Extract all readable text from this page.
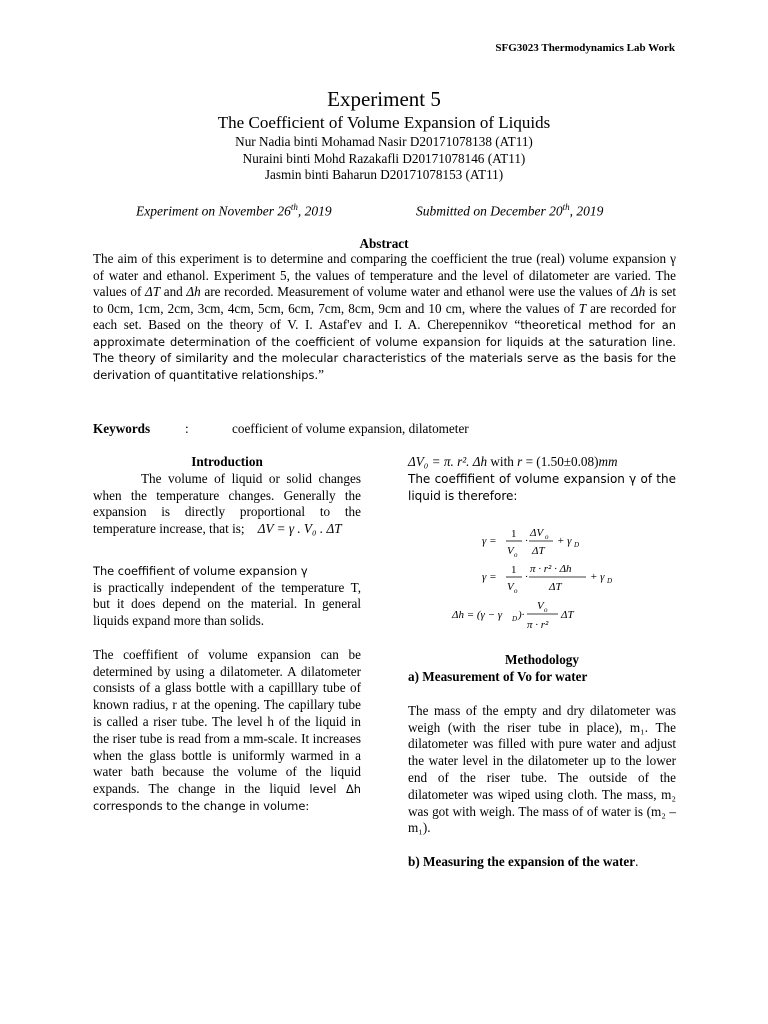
SFG3023 Thermodynamics Lab Work
Experiment 5
The Coefficient of Volume Expansion of Liquids
Nur Nadia binti Mohamad Nasir D20171078138 (AT11)
Nuraini binti Mohd Razakafli D20171078146 (AT11)
Jasmin binti Baharun D20171078153 (AT11)
Experiment on November 26th, 2019	Submitted on December 20th, 2019
Abstract
The aim of this experiment is to determine and comparing the coefficient the true (real) volume expansion γ of water and ethanol. Experiment 5, the values of temperature and the level of dilatometer are varied. The values of ΔT and Δh are recorded. Measurement of volume water and ethanol were use the values of Δh is set to 0cm, 1cm, 2cm, 3cm, 4cm, 5cm, 6cm, 7cm, 8cm, 9cm and 10 cm, where the values of T are recorded for each set. Based on the theory of V. I. Astaf'ev and I. A. Cherepennikov “theoretical method for an approximate determination of the coefficient of volume expansion for liquids at the saturation line. The theory of similarity and the molecular characteristics of the materials serve as the basis for the derivation of quantitative relationships.”
Keywords	:	coefficient of volume expansion, dilatometer
Introduction

The volume of liquid or solid changes when the temperature changes. Generally the expansion is directly proportional to the temperature increase, that is; ΔV = γ . V₀ . ΔT

The coeffifient of volume expansion γ
is practically independent of the temperature T, but it does depend on the material. In general liquids expand more than solids.

The coeffifient of volume expansion can be determined by using a dilatometer. A dilatometer consists of a glass bottle with a capilllary tube of known radius, r at the opening. The capillary tube is called a riser tube. The level h of the liquid in the riser tube is read from a mm-scale. It increases when the glass bottle is uniformly warmed in a water bath because the volume of the liquid expands. The change in the liquid level Δh corresponds to the change in volume:

ΔV₀ = π. r². Δh with r = (1.50±0.08)mm

The coeffifient of volume expansion γ of the liquid is therefore:

γ =
1
V o
·
ΔV o
ΔT
+ γ D
γ =
1
V o
·
π · r² · Δh
ΔT
+ γ D
Δh = (γ − γ D )·
V o
π · r²
ΔT
Methodology
a) Measurement of Vo for water

The mass of the empty and dry dilatometer was weigh (with the riser tube in place), m₁. The dilatometer was filled with pure water and adjust the water level in the dilatometer up to the lower end of the riser tube. The outside of the dilatometer was wiped using cloth. The mass, m₂ was got with weigh. The mass of of water is (m₂ – m₁).

b) Measuring the expansion of the water.
